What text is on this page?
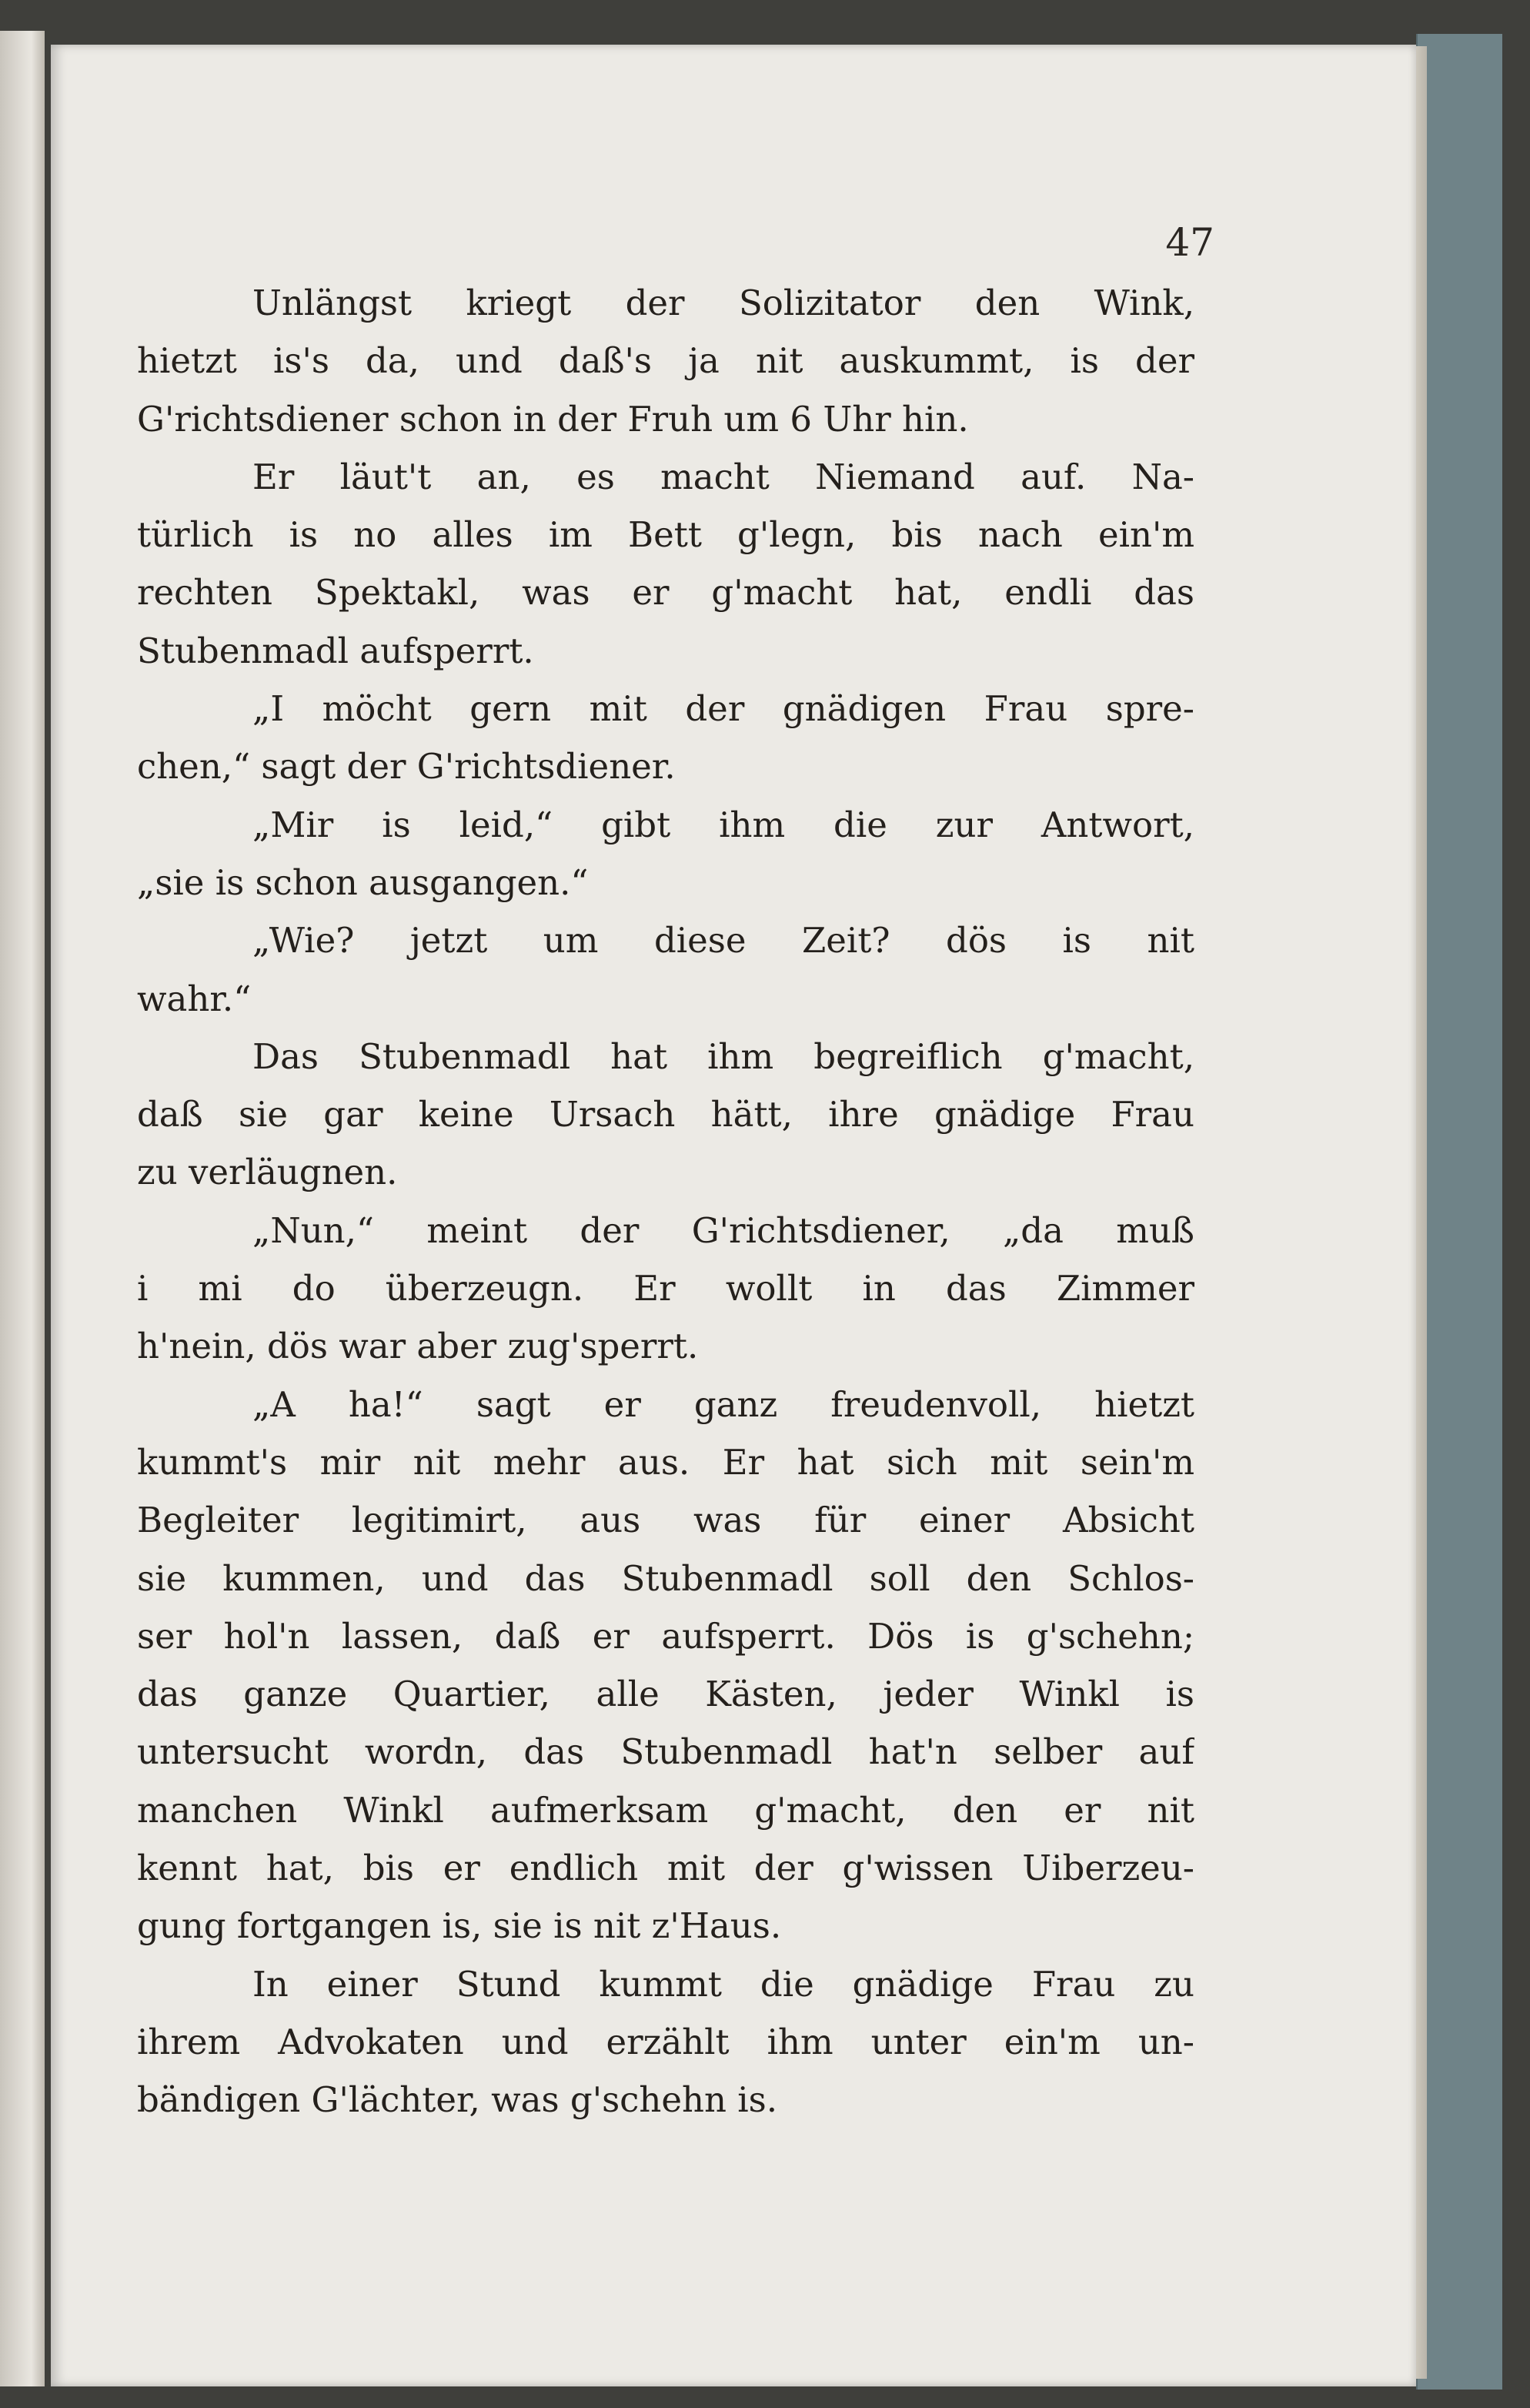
47
Unlängst kriegt der Solizitator den Wink,
hietzt is's da, und daß's ja nit auskummt, is der
G'richtsdiener schon in der Fruh um 6 Uhr hin.
Er läut't an, es macht Niemand auf. Na-
türlich is no alles im Bett g'legn, bis nach ein'm
rechten Spektakl, was er g'macht hat, endli das
Stubenmadl aufsperrt.
„I möcht gern mit der gnädigen Frau spre-
chen,“ sagt der G'richtsdiener.
„Mir is leid,“ gibt ihm die zur Antwort,
„sie is schon ausgangen.“
„Wie? jetzt um diese Zeit? dös is nit
wahr.“
Das Stubenmadl hat ihm begreiflich g'macht,
daß sie gar keine Ursach hätt, ihre gnädige Frau
zu verläugnen.
„Nun,“ meint der G'richtsdiener, „da muß
i mi do überzeugn. Er wollt in das Zimmer
h'nein, dös war aber zug'sperrt.
„A ha!“ sagt er ganz freudenvoll, hietzt
kummt's mir nit mehr aus. Er hat sich mit sein'm
Begleiter legitimirt, aus was für einer Absicht
sie kummen, und das Stubenmadl soll den Schlos-
ser hol'n lassen, daß er aufsperrt. Dös is g'schehn;
das ganze Quartier, alle Kästen, jeder Winkl is
untersucht wordn, das Stubenmadl hat'n selber auf
manchen Winkl aufmerksam g'macht, den er nit
kennt hat, bis er endlich mit der g'wissen Uiberzeu-
gung fortgangen is, sie is nit z'Haus.
In einer Stund kummt die gnädige Frau zu
ihrem Advokaten und erzählt ihm unter ein'm un-
bändigen G'lächter, was g'schehn is.
